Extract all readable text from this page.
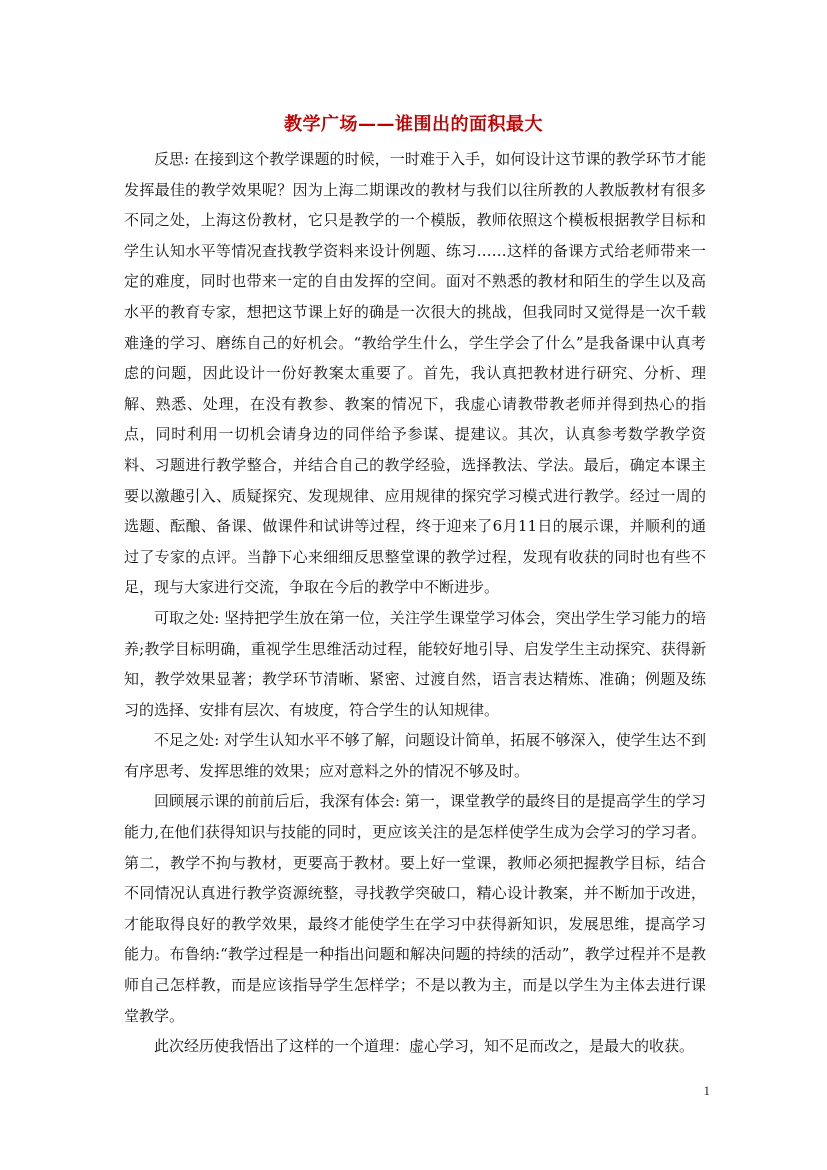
教学广场——谁围出的面积最大

反思: 在接到这个教学课题的时候，一时难于入手，如何设计这节课的教学环节才能发挥最佳的教学效果呢？因为上海二期课改的教材与我们以往所教的人教版教材有很多不同之处，上海这份教材，它只是教学的一个模版，教师依照这个模板根据教学目标和学生认知水平等情况查找教学资料来设计例题、练习……这样的备课方式给老师带来一定的难度，同时也带来一定的自由发挥的空间。面对不熟悉的教材和陌生的学生以及高水平的教育专家，想把这节课上好的确是一次很大的挑战，但我同时又觉得是一次千载难逢的学习、磨练自己的好机会。“教给学生什么，学生学会了什么”是我备课中认真考虑的问题，因此设计一份好教案太重要了。首先，我认真把教材进行研究、分析、理解、熟悉、处理，在没有教参、教案的情况下，我虚心请教带教老师并得到热心的指点，同时利用一切机会请身边的同伴给予参谋、提建议。其次，认真参考数学教学资料、习题进行教学整合，并结合自己的教学经验，选择教法、学法。最后，确定本课主要以激趣引入、质疑探究、发现规律、应用规律的探究学习模式进行教学。经过一周的选题、酝酿、备课、做课件和试讲等过程，终于迎来了6月11日的展示课，并顺利的通过了专家的点评。当静下心来细细反思整堂课的教学过程，发现有收获的同时也有些不足，现与大家进行交流，争取在今后的教学中不断进步。

可取之处: 坚持把学生放在第一位，关注学生课堂学习体会，突出学生学习能力的培养;教学目标明确，重视学生思维活动过程，能较好地引导、启发学生主动探究、获得新知，教学效果显著；教学环节清晰、紧密、过渡自然，语言表达精炼、准确；例题及练习的选择、安排有层次、有坡度，符合学生的认知规律。

不足之处: 对学生认知水平不够了解，问题设计简单，拓展不够深入，使学生达不到有序思考、发挥思维的效果；应对意料之外的情况不够及时。

回顾展示课的前前后后，我深有体会: 第一，课堂教学的最终目的是提高学生的学习能力,在他们获得知识与技能的同时，更应该关注的是怎样使学生成为会学习的学习者。第二，教学不拘与教材，更要高于教材。要上好一堂课，教师必须把握教学目标，结合不同情况认真进行教学资源统整，寻找教学突破口，精心设计教案，并不断加于改进，才能取得良好的教学效果，最终才能使学生在学习中获得新知识，发展思维，提高学习能力。布鲁纳:“教学过程是一种指出问题和解决问题的持续的活动”，教学过程并不是教师自己怎样教，而是应该指导学生怎样学；不是以教为主，而是以学生为主体去进行课堂教学。

此次经历使我悟出了这样的一个道理：虚心学习，知不足而改之，是最大的收获。

1
